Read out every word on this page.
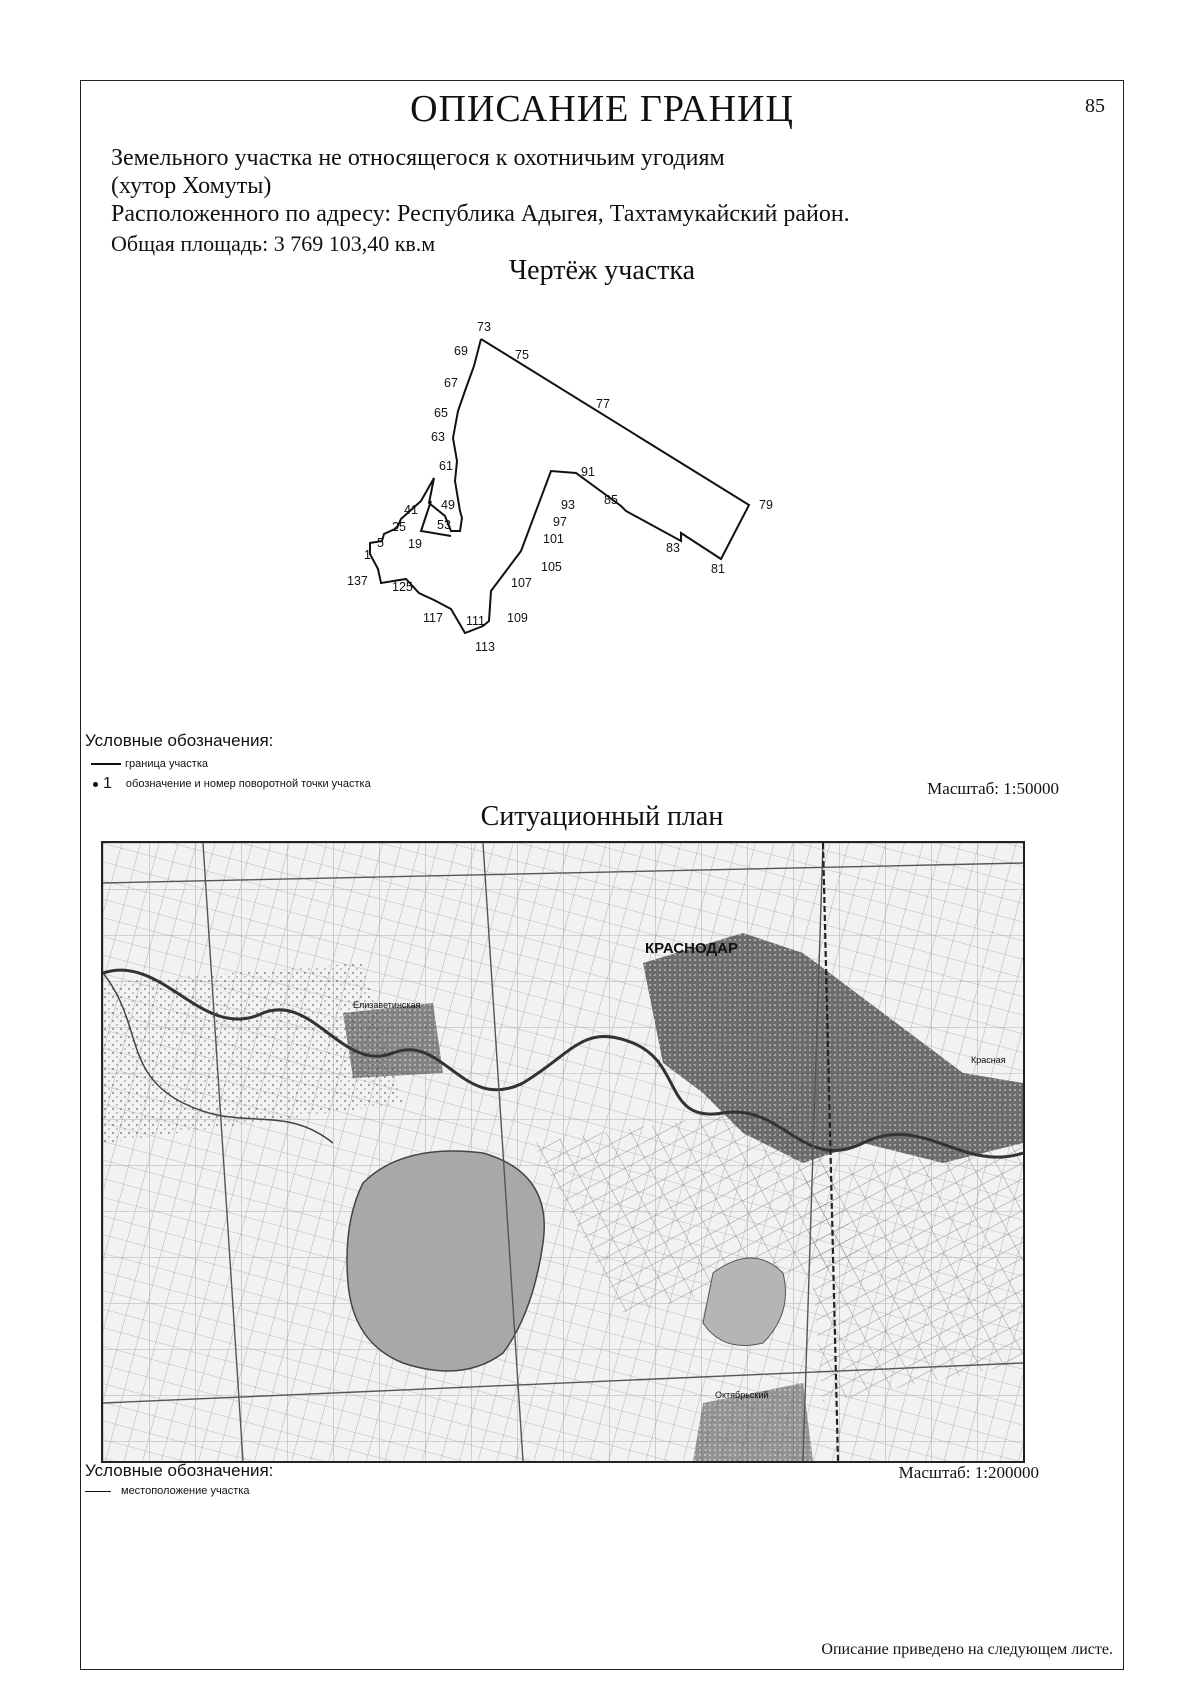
ОПИСАНИЕ ГРАНИЦ	85
Земельного участка не относящегося к охотничьим угодиям
(хутор Хомуты)
Расположенного по адресу: Республика Адыгея, Тахтамукайский район.
Общая площадь: 3 769 103,40 кв.м
Чертёж участка
1
5 19
25
41 49
53
61
63
65
67
69
73
75
77
79
81
83
85
91
93
97
101
105
107
109
111
113
117
125
137
Условные обозначения:
граница участка
1 обозначение и номер поворотной точки участка	Масштаб: 1:50000
Ситуационный план
КРАСНОДАР
Елизаветинская
Октябрьский
Красная
Условные обозначения:
местоположение участка
Масштаб: 1:200000
Описание приведено на следующем листе.
